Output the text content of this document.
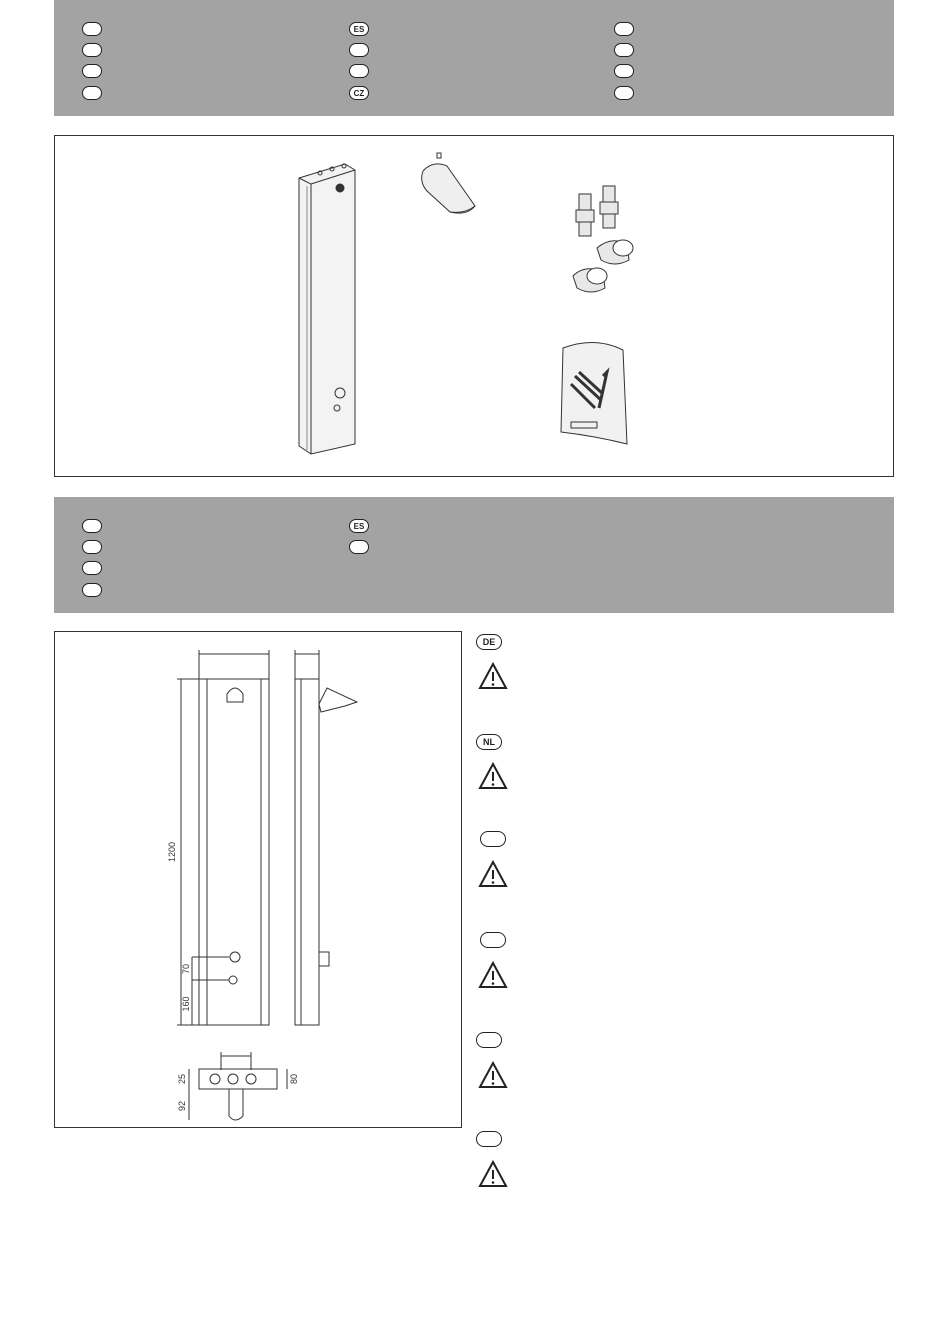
ES
CZ
ES
1200
70
160
25	80
92
DE
NL
